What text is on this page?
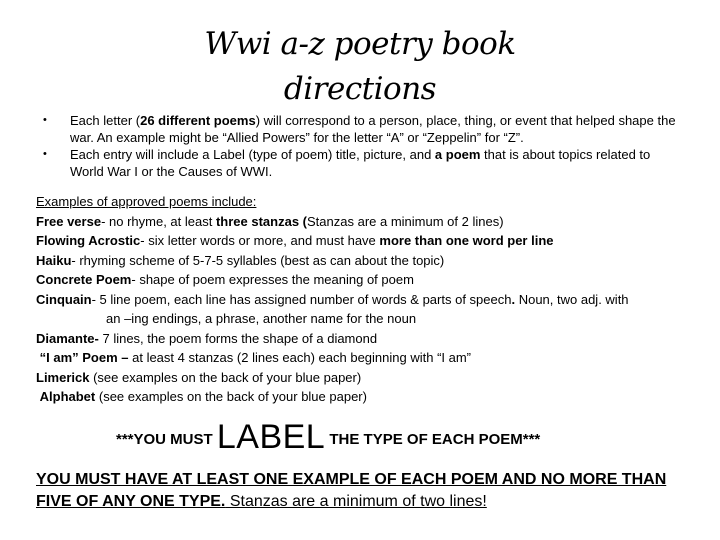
Wwi a-z poetry book
directions
• Each letter (26 different poems) will correspond to a person, place, thing, or event that helped shape the war. An example might be “Allied Powers” for the letter “A” or “Zeppelin” for “Z”.
• Each entry will include a Label (type of poem) title, picture, and a poem that is about topics related to World War I or the Causes of WWI.
Examples of approved poems include:
Free verse- no rhyme, at least three stanzas (Stanzas are a minimum of 2 lines)
Flowing Acrostic- six letter words or more, and must have more than one word per line
Haiku- rhyming scheme of 5-7-5 syllables (best as can about the topic)
Concrete Poem- shape of poem expresses the meaning of poem
Cinquain- 5 line poem, each line has assigned number of words & parts of speech. Noun, two adj. with
an –ing endings, a phrase, another name for the noun
Diamante- 7 lines, the poem forms the shape of a diamond
“I am” Poem – at least 4 stanzas (2 lines each) each beginning with “I am”
Limerick (see examples on the back of your blue paper)
Alphabet (see examples on the back of your blue paper)
***YOU MUST LABEL THE TYPE OF EACH POEM***
YOU MUST HAVE AT LEAST ONE EXAMPLE OF EACH POEM AND NO MORE THAN FIVE OF ANY ONE TYPE. Stanzas are a minimum of two lines!
